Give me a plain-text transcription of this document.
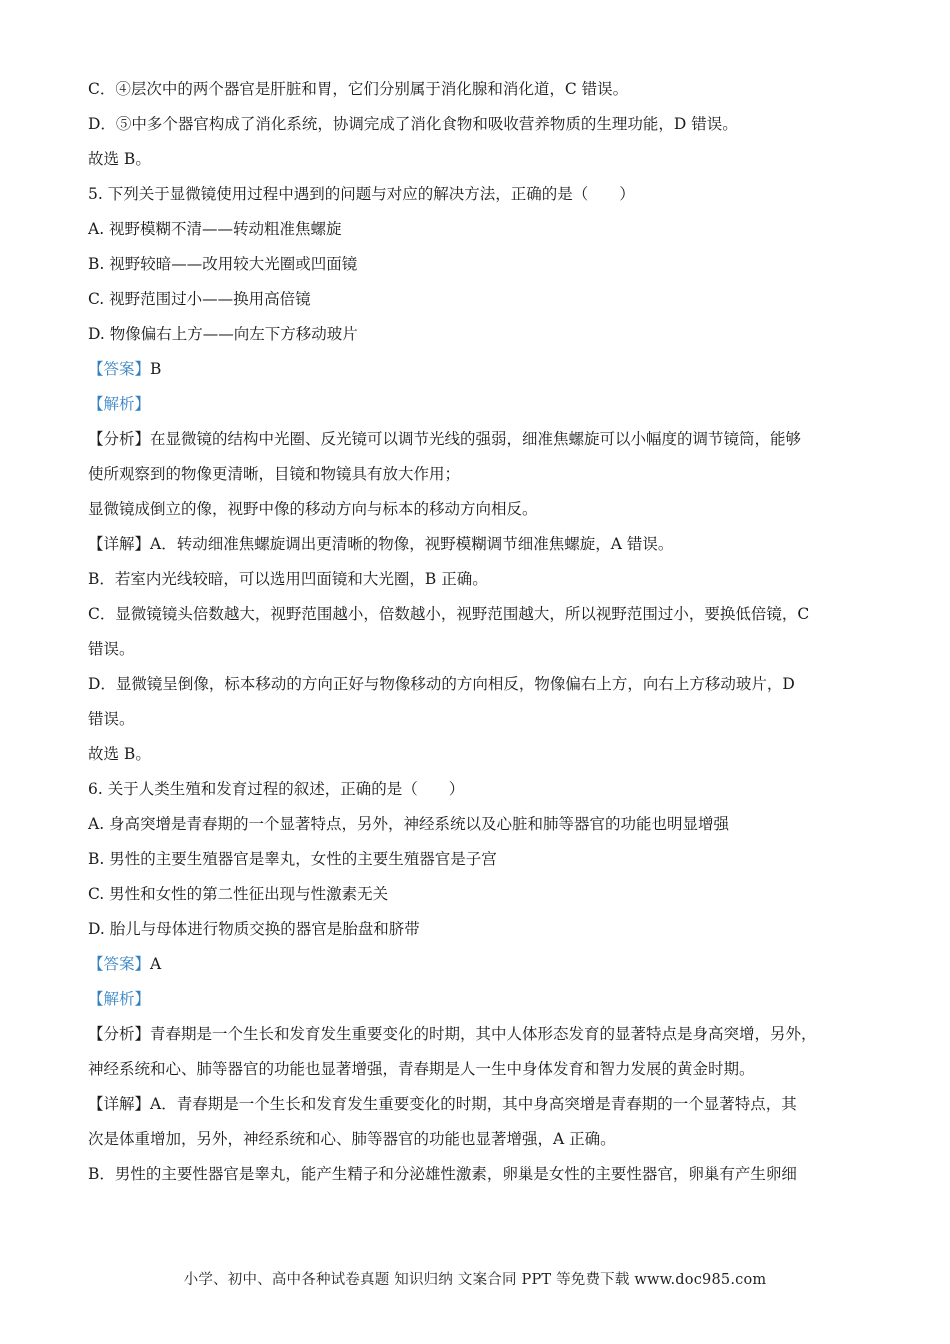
C．④层次中的两个器官是肝脏和胃，它们分别属于消化腺和消化道，C 错误。
D．⑤中多个器官构成了消化系统，协调完成了消化食物和吸收营养物质的生理功能，D 错误。
故选 B。
5. 下列关于显微镜使用过程中遇到的问题与对应的解决方法，正确的是（　　）
A. 视野模糊不清——转动粗准焦螺旋
B. 视野较暗——改用较大光圈或凹面镜
C. 视野范围过小——换用高倍镜
D. 物像偏右上方——向左下方移动玻片
【答案】B
【解析】
【分析】在显微镜的结构中光圈、反光镜可以调节光线的强弱，细准焦螺旋可以小幅度的调节镜筒，能够
使所观察到的物像更清晰，目镜和物镜具有放大作用；
显微镜成倒立的像，视野中像的移动方向与标本的移动方向相反。
【详解】A．转动细准焦螺旋调出更清晰的物像，视野模糊调节细准焦螺旋，A 错误。
B．若室内光线较暗，可以选用凹面镜和大光圈，B 正确。
C．显微镜镜头倍数越大，视野范围越小，倍数越小，视野范围越大，所以视野范围过小，要换低倍镜，C
错误。
D．显微镜呈倒像，标本移动的方向正好与物像移动的方向相反，物像偏右上方，向右上方移动玻片，D
错误。
故选 B。
6. 关于人类生殖和发育过程的叙述，正确的是（　　）
A. 身高突增是青春期的一个显著特点，另外，神经系统以及心脏和肺等器官的功能也明显增强
B. 男性的主要生殖器官是睾丸，女性的主要生殖器官是子宫
C. 男性和女性的第二性征出现与性激素无关
D. 胎儿与母体进行物质交换的器官是胎盘和脐带
【答案】A
【解析】
【分析】青春期是一个生长和发育发生重要变化的时期，其中人体形态发育的显著特点是身高突增，另外，
神经系统和心、肺等器官的功能也显著增强，青春期是人一生中身体发育和智力发展的黄金时期。
【详解】A．青春期是一个生长和发育发生重要变化的时期，其中身高突增是青春期的一个显著特点，其
次是体重增加，另外，神经系统和心、肺等器官的功能也显著增强，A 正确。
B．男性的主要性器官是睾丸，能产生精子和分泌雄性激素，卵巢是女性的主要性器官，卵巢有产生卵细
小学、初中、高中各种试卷真题 知识归纳 文案合同 PPT 等免费下载 www.doc985.com
